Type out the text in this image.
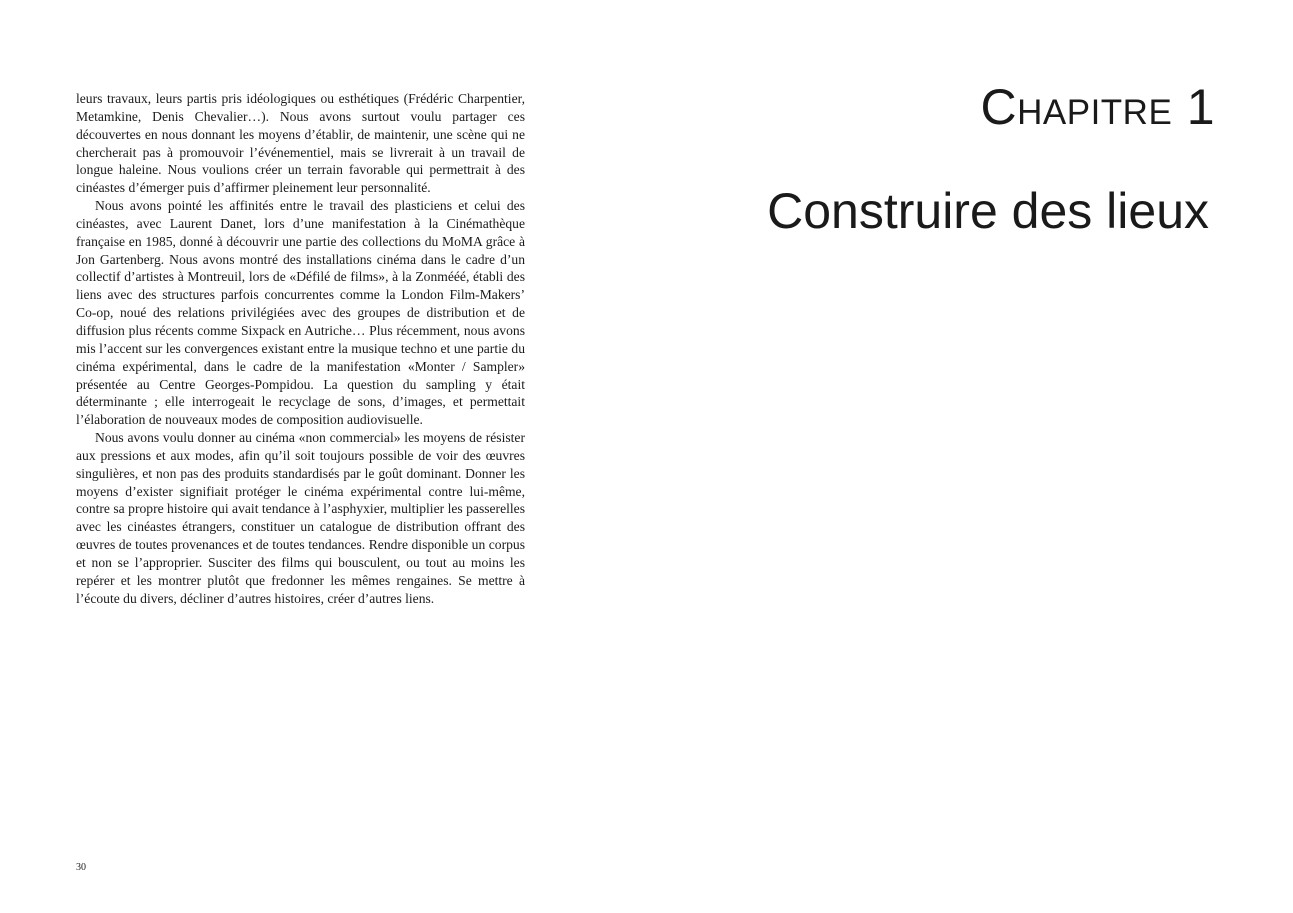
leurs travaux, leurs partis pris idéologiques ou esthétiques (Frédéric Charpentier, Metamkine, Denis Chevalier…). Nous avons surtout voulu partager ces découvertes en nous donnant les moyens d’établir, de maintenir, une scène qui ne chercherait pas à promouvoir l’événementiel, mais se livrerait à un travail de longue haleine. Nous voulions créer un terrain favorable qui permettrait à des cinéastes d’émerger puis d’affirmer pleinement leur personnalité.

Nous avons pointé les affinités entre le travail des plasticiens et celui des cinéastes, avec Laurent Danet, lors d’une manifestation à la Cinémathèque française en 1985, donné à découvrir une partie des collections du MoMA grâce à Jon Gartenberg. Nous avons montré des installations cinéma dans le cadre d’un collectif d’artistes à Montreuil, lors de «Défilé de films», à la Zonmééé, établi des liens avec des structures parfois concurrentes comme la London Film-Makers’ Co-op, noué des relations privilégiées avec des groupes de distribution et de diffusion plus récents comme Sixpack en Autriche… Plus récemment, nous avons mis l’accent sur les convergences existant entre la musique techno et une partie du cinéma expérimental, dans le cadre de la manifestation «Monter / Sampler» présentée au Centre Georges-Pompidou. La question du sampling y était déterminante ; elle interrogeait le recyclage de sons, d’images, et permettait l’élaboration de nouveaux modes de composition audiovisuelle.

Nous avons voulu donner au cinéma «non commercial» les moyens de résister aux pressions et aux modes, afin qu’il soit toujours possible de voir des œuvres singulières, et non pas des produits standardisés par le goût dominant. Donner les moyens d’exister signifiait protéger le cinéma expérimental contre lui-même, contre sa propre histoire qui avait tendance à l’asphyxier, multiplier les passerelles avec les cinéastes étrangers, constituer un catalogue de distribution offrant des œuvres de toutes provenances et de toutes tendances. Rendre disponible un corpus et non se l’approprier. Susciter des films qui bousculent, ou tout au moins les repérer et les montrer plutôt que fredonner les mêmes rengaines. Se mettre à l’écoute du divers, décliner d’autres histoires, créer d’autres liens.

30
Chapitre 1
Construire des lieux
